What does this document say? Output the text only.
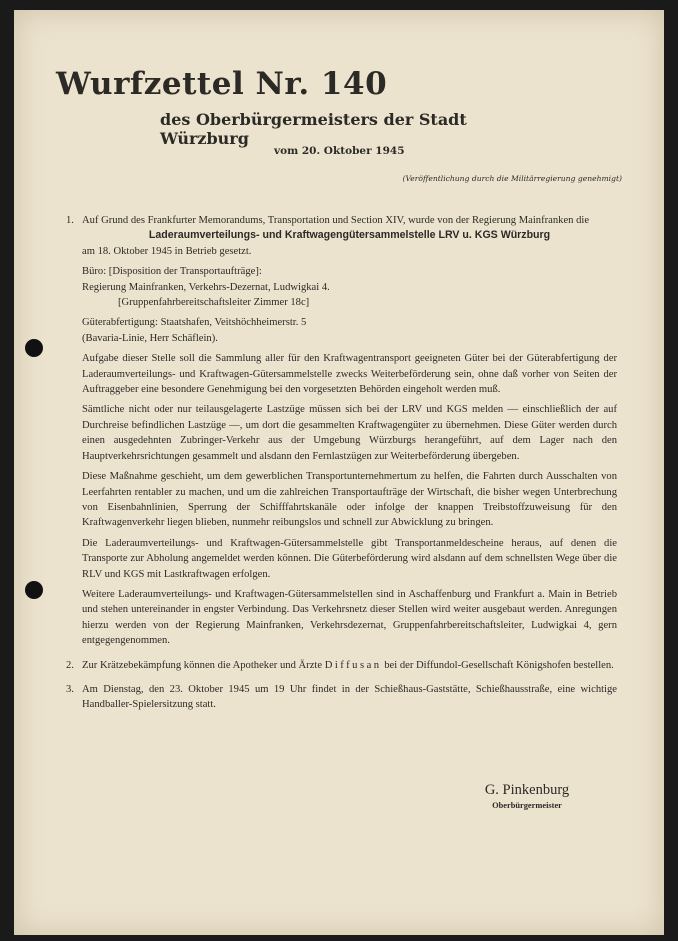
Wurfzettel Nr. 140
des Oberbürgermeisters der Stadt Würzburg
vom 20. Oktober 1945
(Veröffentlichung durch die Militärregierung genehmigt)
1. Auf Grund des Frankfurter Memorandums, Transportation und Section XIV, wurde von der Regierung Mainfranken die

Laderaumverteilungs- und Kraftwagengütersammelstelle LRV u. KGS Würzburg

am 18. Oktober 1945 in Betrieb gesetzt.

Büro: [Disposition der Transportaufträge]:

Regierung Mainfranken, Verkehrs-Dezernat, Ludwigkai 4.

[Gruppenfahrbereitschaftsleiter Zimmer 18c]

Güterabfertigung: Staatshafen, Veitshöchheimerstr. 5

(Bavaria-Linie, Herr Schäflein).

Aufgabe dieser Stelle soll die Sammlung aller für den Kraftwagentransport geeigneten Güter bei der Güterabfertigung der Laderaumverteilungs- und Kraftwagen-Gütersammelstelle zwecks Weiterbeförderung sein, ohne daß vorher von Seiten der Auftraggeber eine besondere Genehmigung bei den vorgesetzten Behörden eingeholt werden muß.

Sämtliche nicht oder nur teilausgelagerte Lastzüge müssen sich bei der LRV und KGS melden — einschließlich der auf Durchreise befindlichen Lastzüge —, um dort die gesammelten Kraftwagengüter zu übernehmen. Diese Güter werden durch einen ausgedehnten Zubringer-Verkehr aus der Umgebung Würzburgs herangeführt, auf dem Lager nach den Hauptverkehrsrichtungen gesammelt und alsdann den Fernlastzügen zur Weiterbeförderung übergeben.

Diese Maßnahme geschieht, um dem gewerblichen Transportunternehmertum zu helfen, die Fahrten durch Ausschalten von Leerfahrten rentabler zu machen, und um die zahlreichen Transportaufträge der Wirtschaft, die bisher wegen Unterbrechung von Eisenbahnlinien, Sperrung der Schifffahrtskanäle oder infolge der knappen Treibstoffzuweisung für den Kraftwagenverkehr liegen blieben, nunmehr reibungslos und schnell zur Abwicklung zu bringen.

Die Laderaumverteilungs- und Kraftwagen-Gütersammelstelle gibt Transportanmeldescheine heraus, auf denen die Transporte zur Abholung angemeldet werden können. Die Güterbeförderung wird alsdann auf dem schnellsten Wege über die RLV und KGS mit Lastkraftwagen erfolgen.

Weitere Laderaumverteilungs- und Kraftwagen-Gütersammelstellen sind in Aschaffenburg und Frankfurt a. Main in Betrieb und stehen untereinander in engster Verbindung. Das Verkehrsnetz dieser Stellen wird weiter ausgebaut werden. Anregungen hierzu werden von der Regierung Mainfranken, Verkehrsdezernat, Gruppenfahrbereitschaftsleiter, Ludwigkai 4, gern entgegengenommen.

2. Zur Krätzebekämpfung können die Apotheker und Ärzte Diffusan bei der Diffundol-Gesellschaft Königshofen bestellen.

3. Am Dienstag, den 23. Oktober 1945 um 19 Uhr findet in der Schießhaus-Gaststätte, Schießhausstraße, eine wichtige Handballer-Spielersitzung statt.

G. Pinkenburg
Oberbürgermeister
